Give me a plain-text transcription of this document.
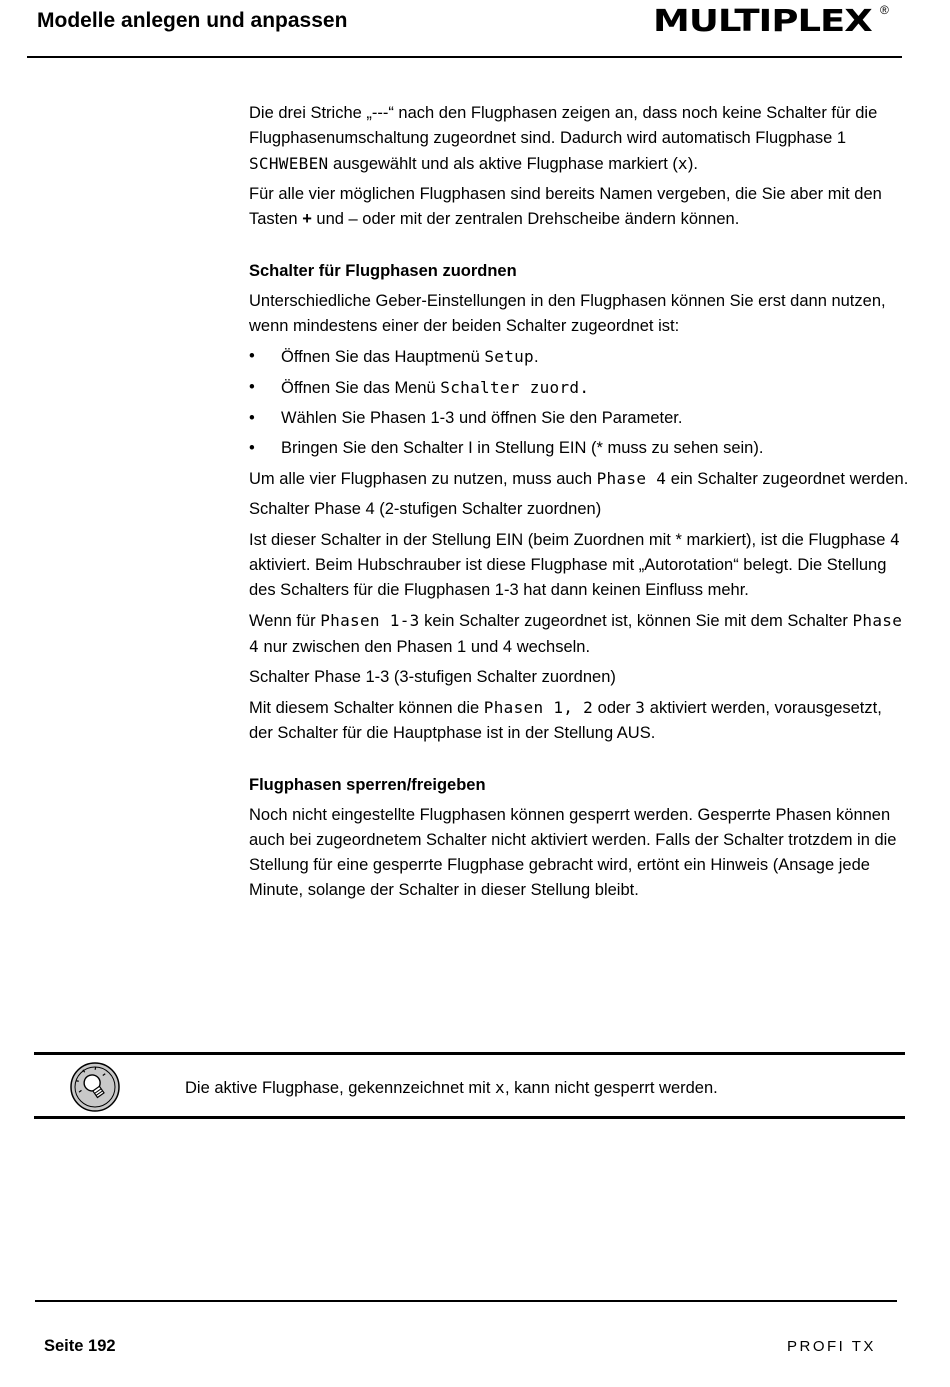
Modelle anlegen und anpassen	MULTIPLEX ®

Die drei Striche „---“ nach den Flugphasen zeigen an, dass noch keine Schalter für die Flugphasenumschaltung zugeordnet sind. Dadurch wird automatisch Flugphase 1 SCHWEBEN ausgewählt und als aktive Flugphase markiert (x).

Für alle vier möglichen Flugphasen sind bereits Namen vergeben, die Sie aber mit den Tasten + und – oder mit der zentralen Drehscheibe ändern können.

Schalter für Flugphasen zuordnen

Unterschiedliche Geber-Einstellungen in den Flugphasen können Sie erst dann nutzen, wenn mindestens einer der beiden Schalter zugeordnet ist:

• Öffnen Sie das Hauptmenü Setup.
• Öffnen Sie das Menü Schalter zuord.
• Wählen Sie Phasen 1-3 und öffnen Sie den Parameter.
• Bringen Sie den Schalter I in Stellung EIN (* muss zu sehen sein).

Um alle vier Flugphasen zu nutzen, muss auch Phase 4 ein Schalter zugeordnet werden.

Schalter Phase 4 (2-stufigen Schalter zuordnen)

Ist dieser Schalter in der Stellung EIN (beim Zuordnen mit * markiert), ist die Flugphase 4 aktiviert. Beim Hubschrauber ist diese Flugphase mit „Autorotation“ belegt. Die Stellung des Schalters für die Flugphasen 1-3 hat dann keinen Einfluss mehr.

Wenn für Phasen 1-3 kein Schalter zugeordnet ist, können Sie mit dem Schalter Phase 4 nur zwischen den Phasen 1 und 4 wechseln.

Schalter Phase 1-3 (3-stufigen Schalter zuordnen)

Mit diesem Schalter können die Phasen 1, 2 oder 3 aktiviert werden, vorausgesetzt, der Schalter für die Hauptphase ist in der Stellung AUS.

Flugphasen sperren/freigeben

Noch nicht eingestellte Flugphasen können gesperrt werden. Gesperrte Phasen können auch bei zugeordnetem Schalter nicht aktiviert werden. Falls der Schalter trotzdem in die Stellung für eine gesperrte Flugphase gebracht wird, ertönt ein Hinweis (Ansage jede Minute, solange der Schalter in dieser Stellung bleibt.

Die aktive Flugphase, gekennzeichnet mit x, kann nicht gesperrt werden.
Seite 192	PROFI TX
